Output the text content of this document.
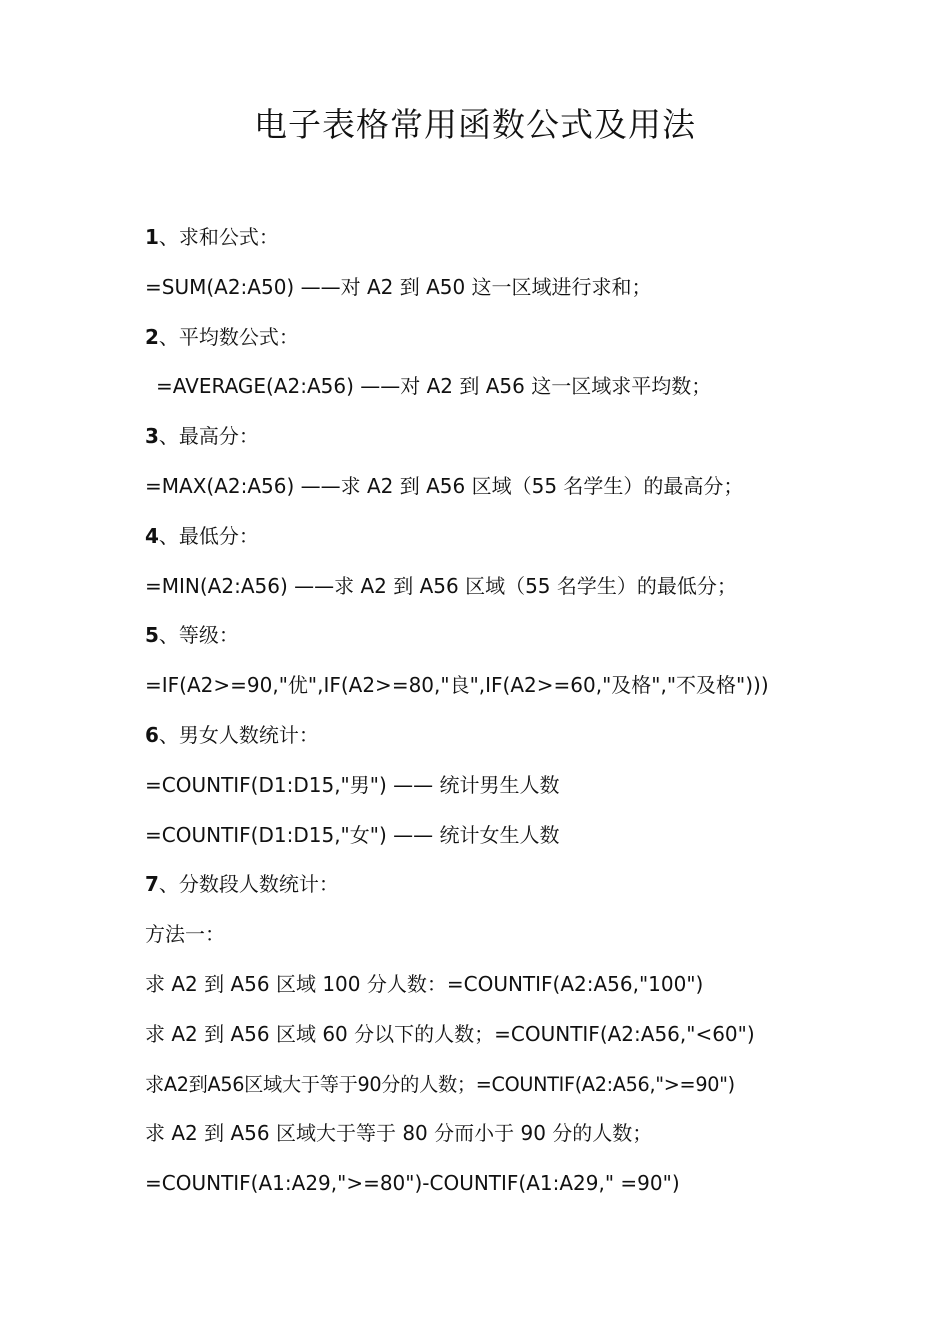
电子表格常用函数公式及用法
1、求和公式：
=SUM(A2:A50) ——对 A2 到 A50 这一区域进行求和；
2、平均数公式：
=AVERAGE(A2:A56) ——对 A2 到 A56 这一区域求平均数；
3、最高分：
=MAX(A2:A56) ——求 A2 到 A56 区域（55 名学生）的最高分；
4、最低分：
=MIN(A2:A56) ——求 A2 到 A56 区域（55 名学生）的最低分；
5、等级：
=IF(A2>=90,"优",IF(A2>=80,"良",IF(A2>=60,"及格","不及格")))
6、男女人数统计：
=COUNTIF(D1:D15,"男") —— 统计男生人数
=COUNTIF(D1:D15,"女") —— 统计女生人数
7、分数段人数统计：
方法一：
求 A2 到 A56 区域 100 分人数：=COUNTIF(A2:A56,"100")
求 A2 到 A56 区域 60 分以下的人数；=COUNTIF(A2:A56,"<60")
求A2到A56区域大于等于90分的人数；=COUNTIF(A2:A56,">=90")
求 A2 到 A56 区域大于等于 80 分而小于 90 分的人数；
=COUNTIF(A1:A29,">=80")-COUNTIF(A1:A29," =90")
